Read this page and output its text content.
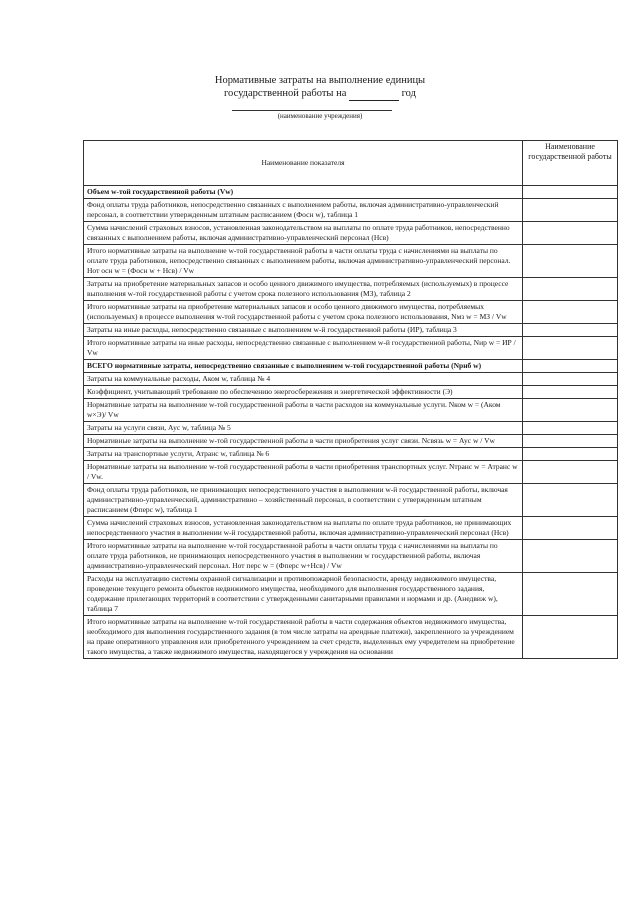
Нормативные затраты на выполнение единицы
государственной работы на	год
(наименование учреждения)
Наименование показателя	Наименование государственной работы
Объем w-той государственной работы (Vw)	
Фонд оплаты труда работников, непосредственно связанных с выполнением работы, включая административно-управленческий персонал, в соответствии утвержденным штатным расписанием (Фосн w), таблица 1	
Сумма начислений страховых взносов, установленная законодательством на выплаты по оплате труда работников, непосредственно связанных с выполнением работы, включая административно-управленческий персонал (Нсв)	
Итого нормативные затраты на выполнение w-той государственной работы в части оплаты труда с начислениями на выплаты по оплате труда работников, непосредственно связанных с выполнением работы, включая административно-управленческий персонал. Нот осн w = (Фосн w + Нсв) / Vw	
Затраты на приобретение материальных запасов и особо ценного движимого имущества, потребляемых (используемых) в процессе выполнения w-той государственной работы с учетом срока полезного использования (МЗ), таблица 2	
Итого нормативные затраты на приобретение материальных запасов и особо ценного движимого имущества, потребляемых (используемых) в процессе выполнения w-той государственной работы с учетом срока полезного использования, Nмз w = МЗ / Vw	
Затраты на иные расходы, непосредственно связанные с выполнением w-й государственной работы (ИР), таблица 3	
Итого нормативные затраты на иные расходы, непосредственно связанные с выполнением w-й государственной работы, Nир w = ИР / Vw	
ВСЕГО нормативные затраты, непосредственно связанные с выполнением w-той государственной работы (Nрнб w)	
Затраты на коммунальные расходы, Аком w, таблица № 4	
Коэффициент, учитывающий требование по обеспечению энергосбережения и энергетической эффективности (Э)	
Нормативные затраты на выполнение w-той государственной работы в части расходов на коммунальные услуги. Nком w = (Аком w×Э)/ Vw	
Затраты на услуги связи, Аус w, таблица № 5	
Нормативные затраты на выполнение w-той государственной работы в части приобретения услуг связи. Nсвязь w = Аус w / Vw	
Затраты на транспортные услуги, Атранс w, таблица № 6	
Нормативные затраты на выполнение w-той государственной работы в части приобретения транспортных услуг. Nтранс w = Атранс w / Vw.	
Фонд оплаты труда работников, не принимающих непосредственного участия в выполнении w-й государственной работы, включая административно-управленческий, административно – хозяйственный персонал, в соответствии с утвержденным штатным расписанием (Фперс w), таблица 1	
Сумма начислений страховых взносов, установленная законодательством на выплаты по оплате труда работников, не принимающих непосредственного участия в выполнении w-й государственной работы, включая административно-управленческий персонал (Нсв)	
Итого нормативные затраты на выполнение w-той государственной работы в части оплаты труда с начислениями на выплаты по оплате труда работников, не принимающих непосредственного участия в выполнении w государственной работы, включая административно-управленческий персонал. Нот перс w = (Фперс w+Нсв) / Vw	
Расходы на эксплуатацию системы охранной сигнализации и противопожарной безопасности, аренду недвижимого имущества, проведение текущего ремонта объектов недвижимого имущества, необходимого для выполнения государственного задания, содержание прилегающих территорий в соответствии с утвержденными санитарными правилами и нормами и др. (Анедвиж w), таблица 7	
Итого нормативные затраты на выполнение w-той государственной работы в части содержания объектов недвижимого имущества, необходимого для выполнения государственного задания (в том числе затраты на арендные платежи), закрепленного за учреждением на праве оперативного управления или приобретенного учреждением за счет средств, выделенных ему учредителем на приобретение такого имущества, а также недвижимого имущества, находящегося у учреждения на основании	
